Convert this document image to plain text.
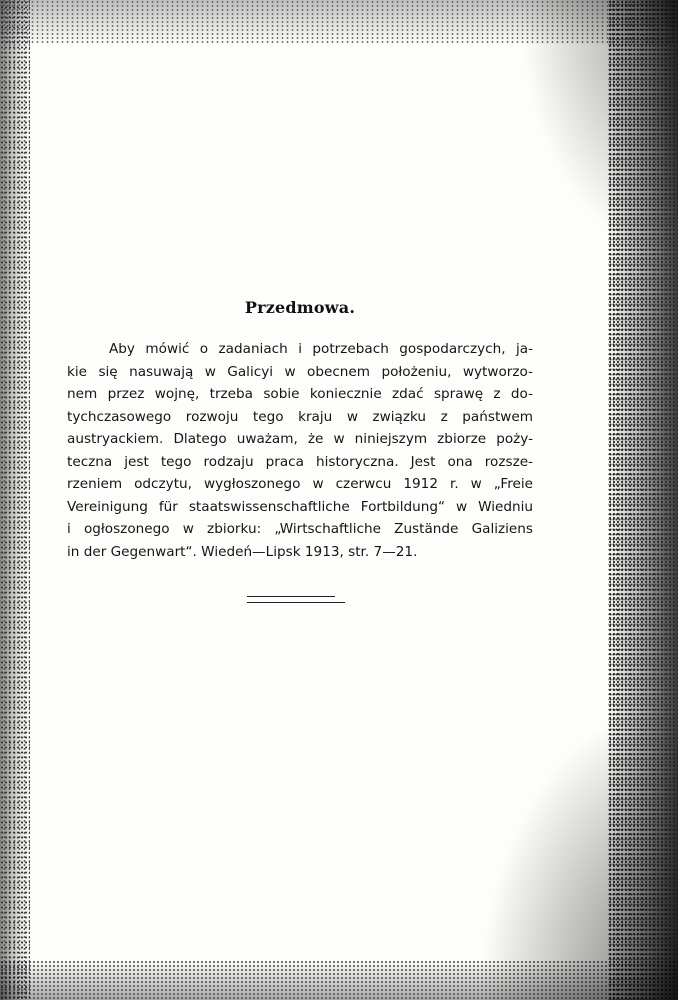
Przedmowa.
Aby mówić o zadaniach i potrzebach gospodarczych, ja-
kie się nasuwają w Galicyi w obecnem położeniu, wytworzo-
nem przez wojnę, trzeba sobie koniecznie zdać sprawę z do-
tychczasowego rozwoju tego kraju w związku z państwem
austryackiem. Dlatego uważam, że w niniejszym zbiorze poży-
teczna jest tego rodzaju praca historyczna. Jest ona rozsze-
rzeniem odczytu, wygłoszonego w czerwcu 1912 r. w „Freie
Vereinigung für staatswissenschaftliche Fortbildung“ w Wiedniu
i ogłoszonego w zbiorku: „Wirtschaftliche Zustände Galiziens
in der Gegenwart“. Wiedeń—Lipsk 1913, str. 7—21.
